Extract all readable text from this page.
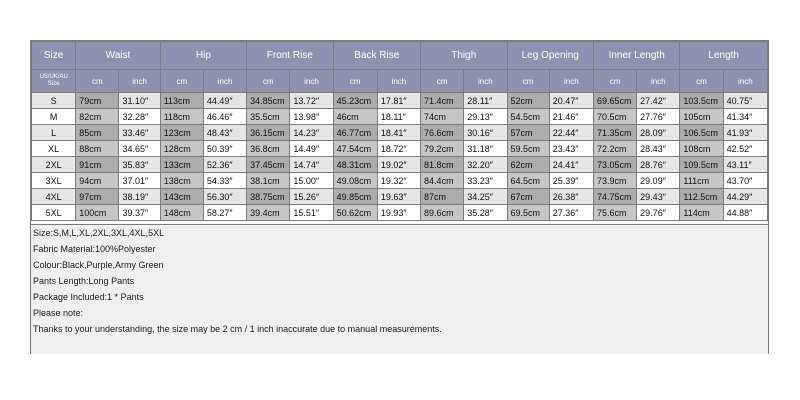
Size	Waist		Hip		Front Rise		Back Rise		Thigh		Leg Opening		Inner Length		Length	
US/UK/AU
Size	cm	inch	cm	inch	cm	inch	cm	inch	cm	inch	cm	inch	cm	inch	cm	inch
S	79cm	31.10″	113cm	44.49″	34.85cm	13.72″	45.23cm	17.81″	71.4cm	28.11″	52cm	20.47″	69.65cm	27.42″	103.5cm	40.75″
M	82cm	32.28″	118cm	46.46″	35.5cm	13.98″	46cm	18.11″	74cm	29.13″	54.5cm	21.46″	70.5cm	27.76″	105cm	41.34″
L	85cm	33.46″	123cm	48.43″	36.15cm	14.23″	46.77cm	18.41″	76.6cm	30.16″	57cm	22.44″	71.35cm	28.09″	106.5cm	41.93″
XL	88cm	34.65″	128cm	50.39″	36.8cm	14.49″	47.54cm	18.72″	79.2cm	31.18″	59.5cm	23.43″	72.2cm	28.43″	108cm	42.52″
2XL	91cm	35.83″	133cm	52.36″	37.45cm	14.74″	48.31cm	19.02″	81.8cm	32.20″	62cm	24.41″	73.05cm	28.76″	109.5cm	43.11″
3XL	94cm	37.01″	138cm	54.33″	38.1cm	15.00″	49.08cm	19.32″	84.4cm	33.23″	64.5cm	25.39″	73.9cm	29.09″	111cm	43.70″
4XL	97cm	38.19″	143cm	56.30″	38.75cm	15.26″	49.85cm	19.63″	87cm	34.25″	67cm	26.38″	74.75cm	29.43″	112.5cm	44.29″
5XL	100cm	39.37″	148cm	58.27″	39.4cm	15.51″	50.62cm	19.93″	89.6cm	35.28″	69.5cm	27.36″	75.6cm	29.76″	114cm	44.88″
Size:S,M,L,XL,2XL,3XL,4XL,5XL
Fabric Material:100%Polyester
Colour:Black,Purple,Army Green
Pants Length:Long Pants
Package Included:1 * Pants
Please note:
Thanks to your understanding, the size may be 2 cm / 1 inch inaccurate due to manual measurements.
